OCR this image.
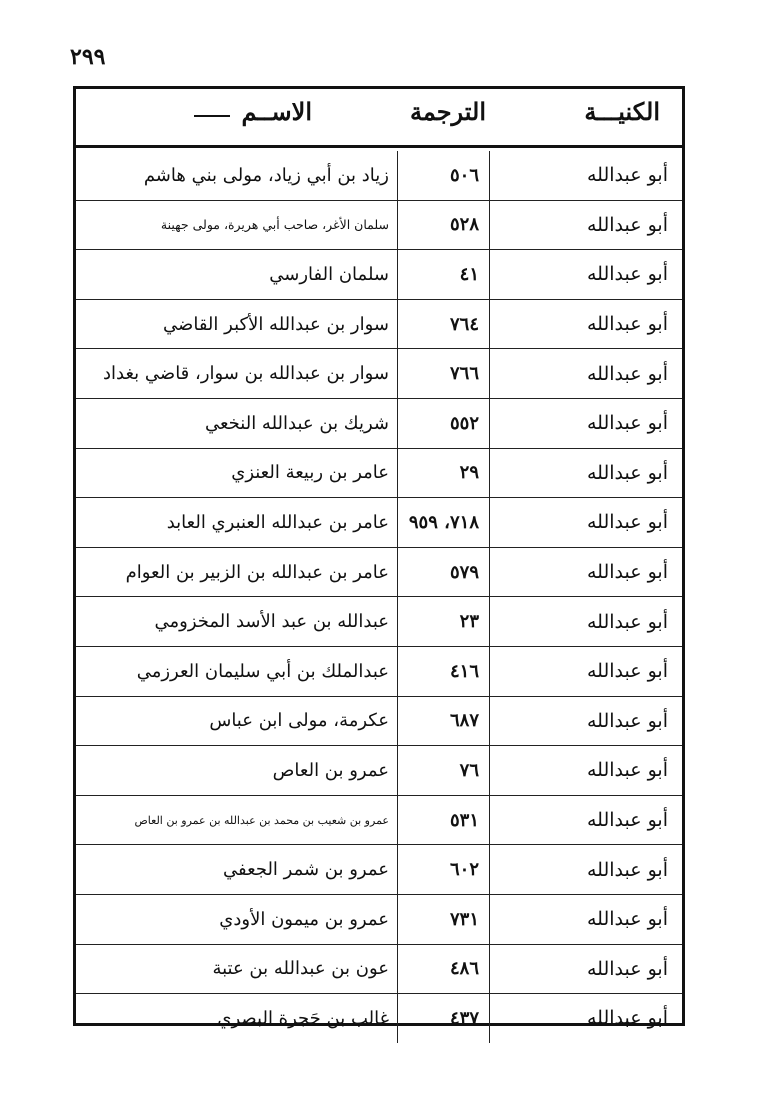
٢٩٩
الكنيـــة
الترجمة
الاســم
أبو عبدالله
٥٠٦
زياد بن أبي زياد، مولى بني هاشم
أبو عبدالله
٥٢٨
سلمان الأغر، صاحب أبي هريرة، مولى جهينة
أبو عبدالله
٤١
سلمان الفارسي
أبو عبدالله
٧٦٤
سوار بن عبدالله الأكبر القاضي
أبو عبدالله
٧٦٦
سوار بن عبدالله بن سوار، قاضي بغداد
أبو عبدالله
٥٥٢
شريك بن عبدالله النخعي
أبو عبدالله
٢٩
عامر بن ربيعة العنزي
أبو عبدالله
٧١٨، ٩٥٩
عامر بن عبدالله العنبري العابد
أبو عبدالله
٥٧٩
عامر بن عبدالله بن الزبير بن العوام
أبو عبدالله
٢٣
عبدالله بن عبد الأسد المخزومي
أبو عبدالله
٤١٦
عبدالملك بن أبي سليمان العرزمي
أبو عبدالله
٦٨٧
عكرمة، مولى ابن عباس
أبو عبدالله
٧٦
عمرو بن العاص
أبو عبدالله
٥٣١
عمرو بن شعيب بن محمد بن عبدالله بن عمرو بن العاص
أبو عبدالله
٦٠٢
عمرو بن شمر الجعفي
أبو عبدالله
٧٣١
عمرو بن ميمون الأودي
أبو عبدالله
٤٨٦
عون بن عبدالله بن عتبة
أبو عبدالله
٤٣٧
غالب بن حَجرة البصري
